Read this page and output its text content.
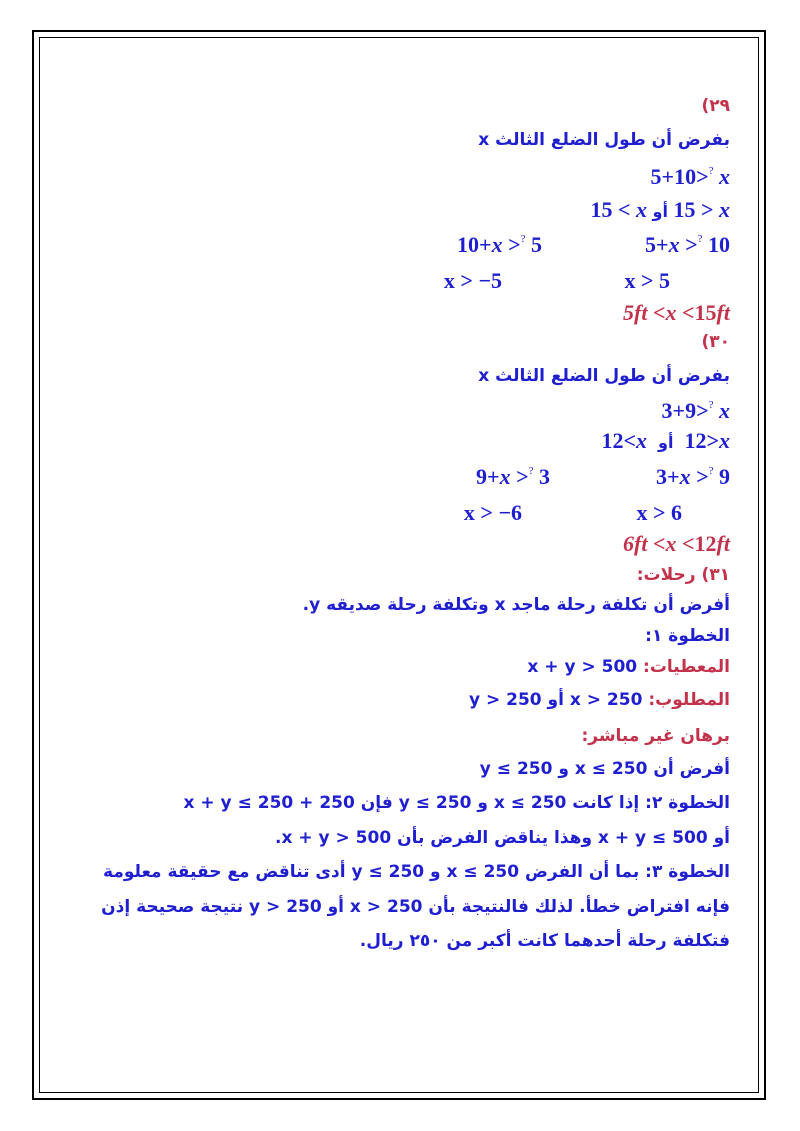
(٢٩
بفرض أن طول الضلع الثالث x
5+10>? x
15 < x أو 15 > x
5+x >? 10
10+x >? 5
x > 5
x > −5
5ft <x <15ft
(٣٠
بفرض أن طول الضلع الثالث x
3+9>? x
12<x أو  12>x
3+x >? 9
9+x >? 3
x > 6
x > −6
6ft <x <12ft
٣١) رحلات:
أفرض أن تكلفة رحلة ماجد x وتكلفة رحلة صديقه y.
الخطوة ١:
المعطيات: x + y > 500
المطلوب: 250 < x أو 250 < y
برهان غير مباشر:
أفرض أن 250 ≥ x و 250 ≥ y
الخطوة ٢: إذا كانت 250 ≥ x و 250 ≥ y فإن 250 + 250 ≥ x + y
أو 500 ≥ x + y وهذا يناقض الفرض بأن x + y > 500.
الخطوة ٣: بما أن الفرض 250 ≥ x و 250 ≥ y أدى تناقض مع حقيقة معلومة
فإنه افتراض خطأ. لذلك فالنتيجة بأن 250 < x أو 250 < y نتيجة صحيحة إذن
فتكلفة رحلة أحدهما كانت أكبر من ٢٥٠ ريال.
